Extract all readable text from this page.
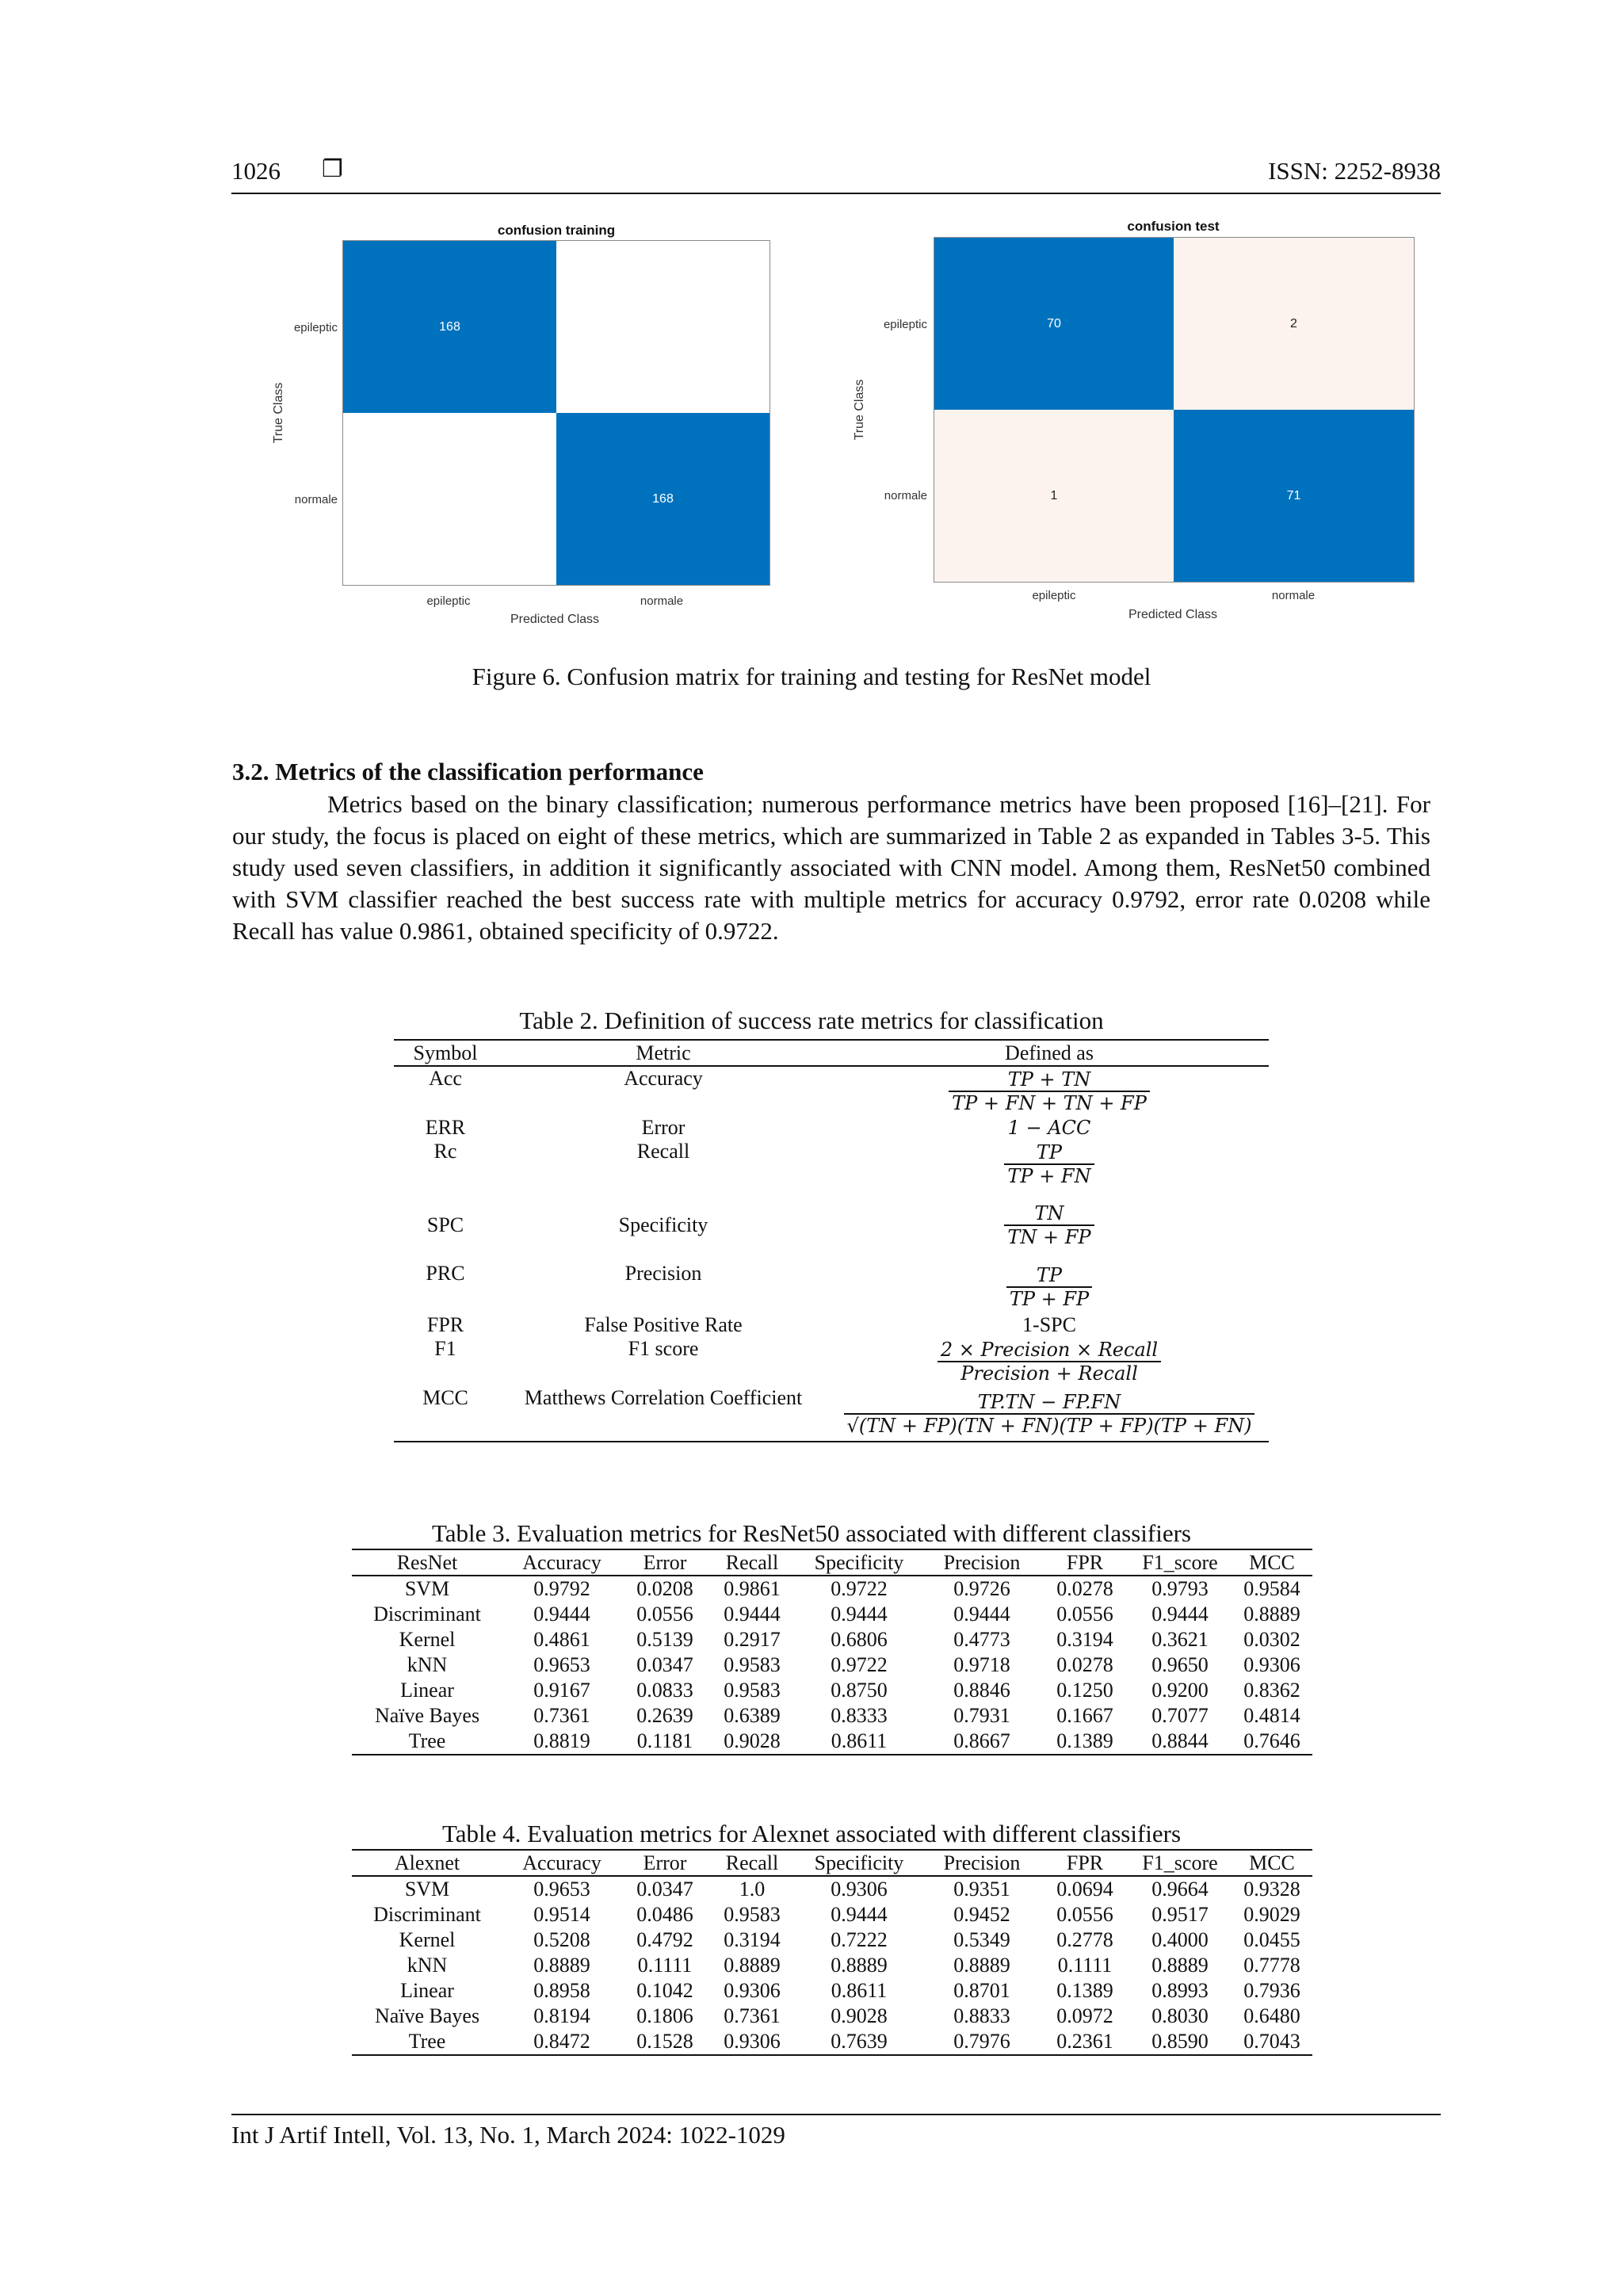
1026 ❐	ISSN: 2252-8938
confusion training
168
168
epileptic
normale
epileptic	normale
Predicted Class
True Class
confusion test
70	2
1	71
epileptic
normale
epileptic	normale
Predicted Class
True Class
Figure 6. Confusion matrix for training and testing for ResNet model
3.2. Metrics of the classification performance

Metrics based on the binary classification; numerous performance metrics have been proposed [16]–[21]. For our study, the focus is placed on eight of these metrics, which are summarized in Table 2 as expanded in Tables 3-5. This study used seven classifiers, in addition it significantly associated with CNN model. Among them, ResNet50 combined with SVM classifier reached the best success rate with multiple metrics for accuracy 0.9792, error rate 0.0208 while Recall has value 0.9861, obtained specificity of 0.9722.

Table 2. Definition of success rate metrics for classification
Symbol	Metric	Defined as
Acc	Accuracy	$\frac{TP + TN}{TP + FN + TN + FP}$

ERR	Error	1 − ACC
Rc	Recall	$\frac{TP}{TP + FN}$

SPC	Specificity	$\frac{TN}{TN + FP}$

PRC	Precision	$\frac{TP}{TP + FP}$

FPR	False Positive Rate	1-SPC
F1	F1 score	$\frac{\text{2 × Precision × Recall}}{\text{Precision + Recall}}$

MCC	Matthews Correlation Coefficient	$\frac{TP.TN - FP.FN}{√(TN + FP)(TN + FN)(TP + FP)(TP + FN)}$
Table 3. Evaluation metrics for ResNet50 associated with different classifiers
ResNet	Accuracy	Error	Recall	Specificity	Precision	FPR	F1_score	MCC
SVM	0.9792	0.0208	0.9861	0.9722	0.9726	0.0278	0.9793	0.9584
Discriminant	0.9444	0.0556	0.9444	0.9444	0.9444	0.0556	0.9444	0.8889
Kernel	0.4861	0.5139	0.2917	0.6806	0.4773	0.3194	0.3621	0.0302
kNN	0.9653	0.0347	0.9583	0.9722	0.9718	0.0278	0.9650	0.9306
Linear	0.9167	0.0833	0.9583	0.8750	0.8846	0.1250	0.9200	0.8362
Naïve Bayes	0.7361	0.2639	0.6389	0.8333	0.7931	0.1667	0.7077	0.4814
Tree	0.8819	0.1181	0.9028	0.8611	0.8667	0.1389	0.8844	0.7646
Table 4. Evaluation metrics for Alexnet associated with different classifiers
Alexnet	Accuracy	Error	Recall	Specificity	Precision	FPR	F1_score	MCC
SVM	0.9653	0.0347	1.0	0.9306	0.9351	0.0694	0.9664	0.9328
Discriminant	0.9514	0.0486	0.9583	0.9444	0.9452	0.0556	0.9517	0.9029
Kernel	0.5208	0.4792	0.3194	0.7222	0.5349	0.2778	0.4000	0.0455
kNN	0.8889	0.1111	0.8889	0.8889	0.8889	0.1111	0.8889	0.7778
Linear	0.8958	0.1042	0.9306	0.8611	0.8701	0.1389	0.8993	0.7936
Naïve Bayes	0.8194	0.1806	0.7361	0.9028	0.8833	0.0972	0.8030	0.6480
Tree	0.8472	0.1528	0.9306	0.7639	0.7976	0.2361	0.8590	0.7043
Int J Artif Intell, Vol. 13, No. 1, March 2024: 1022-1029
